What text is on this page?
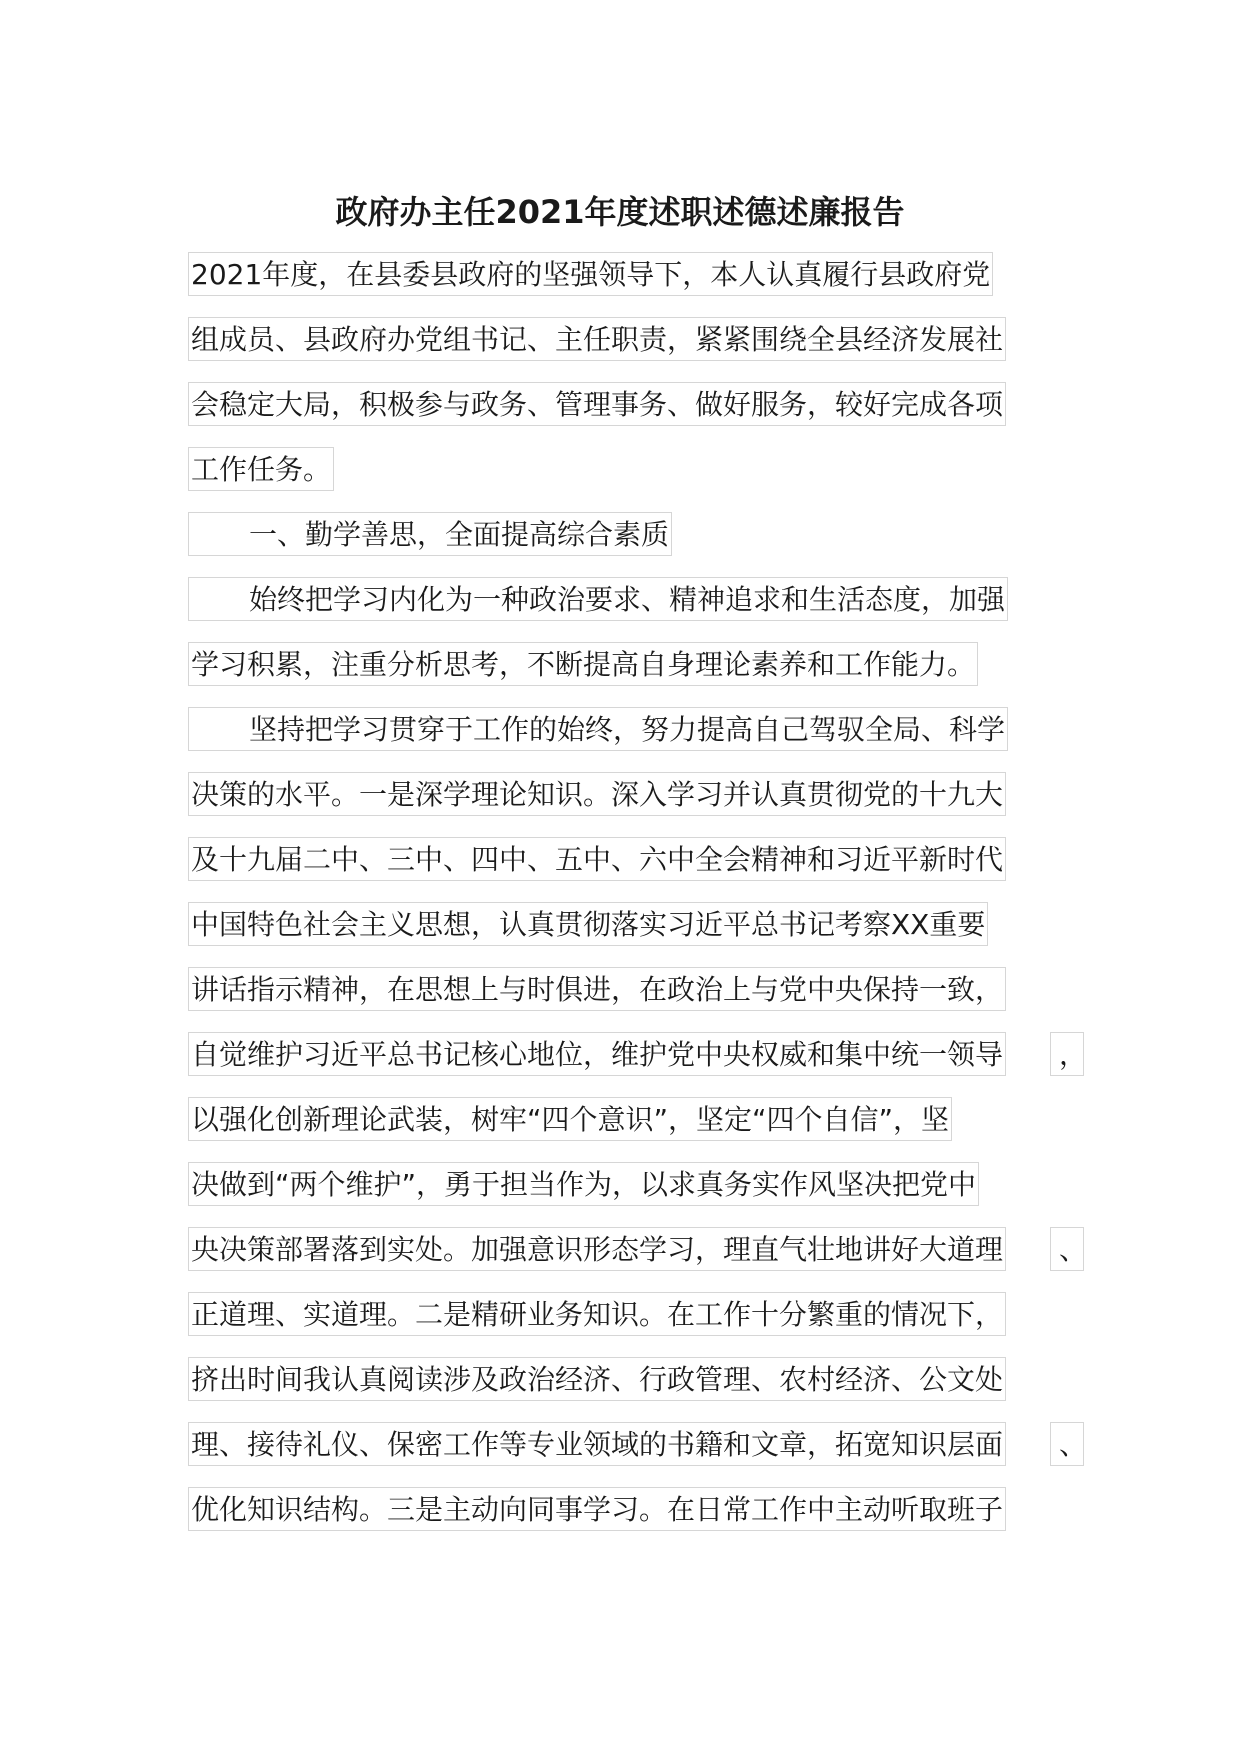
政府办主任2021年度述职述德述廉报告
2021年度，在县委县政府的坚强领导下，本人认真履行县政府党
组成员、县政府办党组书记、主任职责，紧紧围绕全县经济发展社
会稳定大局，积极参与政务、管理事务、做好服务，较好完成各项
工作任务。
一、勤学善思，全面提高综合素质
始终把学习内化为一种政治要求、精神追求和生活态度，加强
学习积累，注重分析思考，不断提高自身理论素养和工作能力。
坚持把学习贯穿于工作的始终，努力提高自己驾驭全局、科学
决策的水平。一是深学理论知识。深入学习并认真贯彻党的十九大
及十九届二中、三中、四中、五中、六中全会精神和习近平新时代
中国特色社会主义思想，认真贯彻落实习近平总书记考察XX重要
讲话指示精神，在思想上与时俱进，在政治上与党中央保持一致，
自觉维护习近平总书记核心地位，维护党中央权威和集中统一领导	，
以强化创新理论武装，树牢“四个意识”，坚定“四个自信”，坚
决做到“两个维护”，勇于担当作为，以求真务实作风坚决把党中
央决策部署落到实处。加强意识形态学习，理直气壮地讲好大道理	、
正道理、实道理。二是精研业务知识。在工作十分繁重的情况下，
挤出时间我认真阅读涉及政治经济、行政管理、农村经济、公文处
理、接待礼仪、保密工作等专业领域的书籍和文章，拓宽知识层面	、
优化知识结构。三是主动向同事学习。在日常工作中主动听取班子
